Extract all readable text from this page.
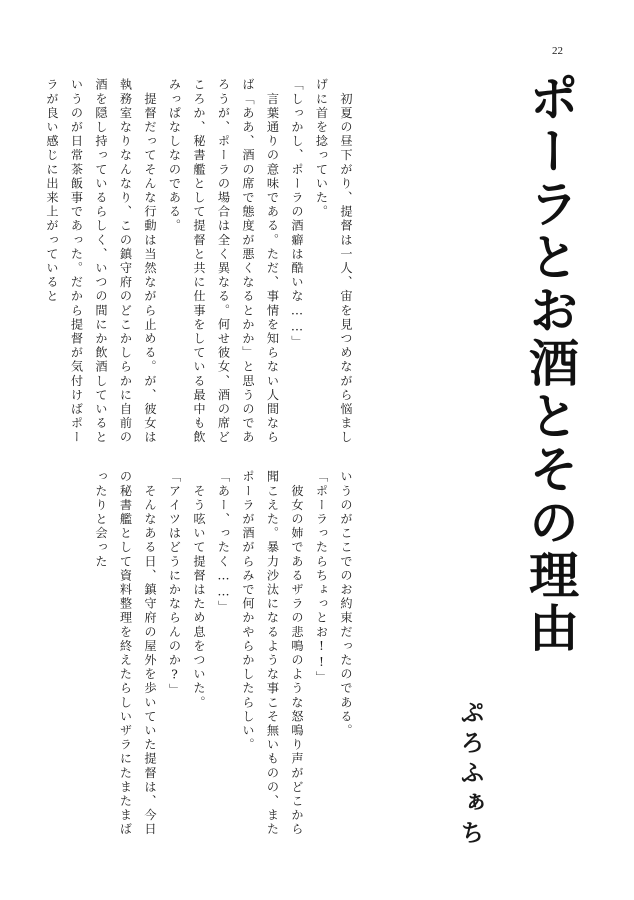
22
ポーラとお酒とその理由
ぷろふぁち

　初夏の昼下がり、提督は一人、宙を見つめながら悩ましげに首を捻っていた。

「しっかし、ポーラの酒癖は酷いな……」

　言葉通りの意味である。ただ、事情を知らない人間ならば「ああ、酒の席で態度が悪くなるとかか」と思うのであろうが、ポーラの場合は全く異なる。何せ彼女、酒の席どころか、秘書艦として提督と共に仕事をしている最中も飲みっぱなしなのである。

　提督だってそんな行動は当然ながら止める。が、彼女は執務室なりなんなり、この鎮守府のどこかしらかに自前の酒を隠し持っているらしく、いつの間にか飲酒しているというのが日常茶飯事であった。だから提督が気付けばポーラが良い感じに出来上がっていると

いうのがここでのお約束だったのである。

「ポーラったらちょっとお!!」

　彼女の姉であるザラの悲鳴のような怒鳴り声がどこから聞こえた。暴力沙汰になるような事こそ無いものの、またポーラが酒がらみで何かやらかしたらしい。

「あー、ったく……」

　そう呟いて提督はため息をついた。

「アイツはどうにかならんのか?」

　そんなある日、鎮守府の屋外を歩いていた提督は、今日の秘書艦として資料整理を終えたらしいザラにたまたまばったりと会った
